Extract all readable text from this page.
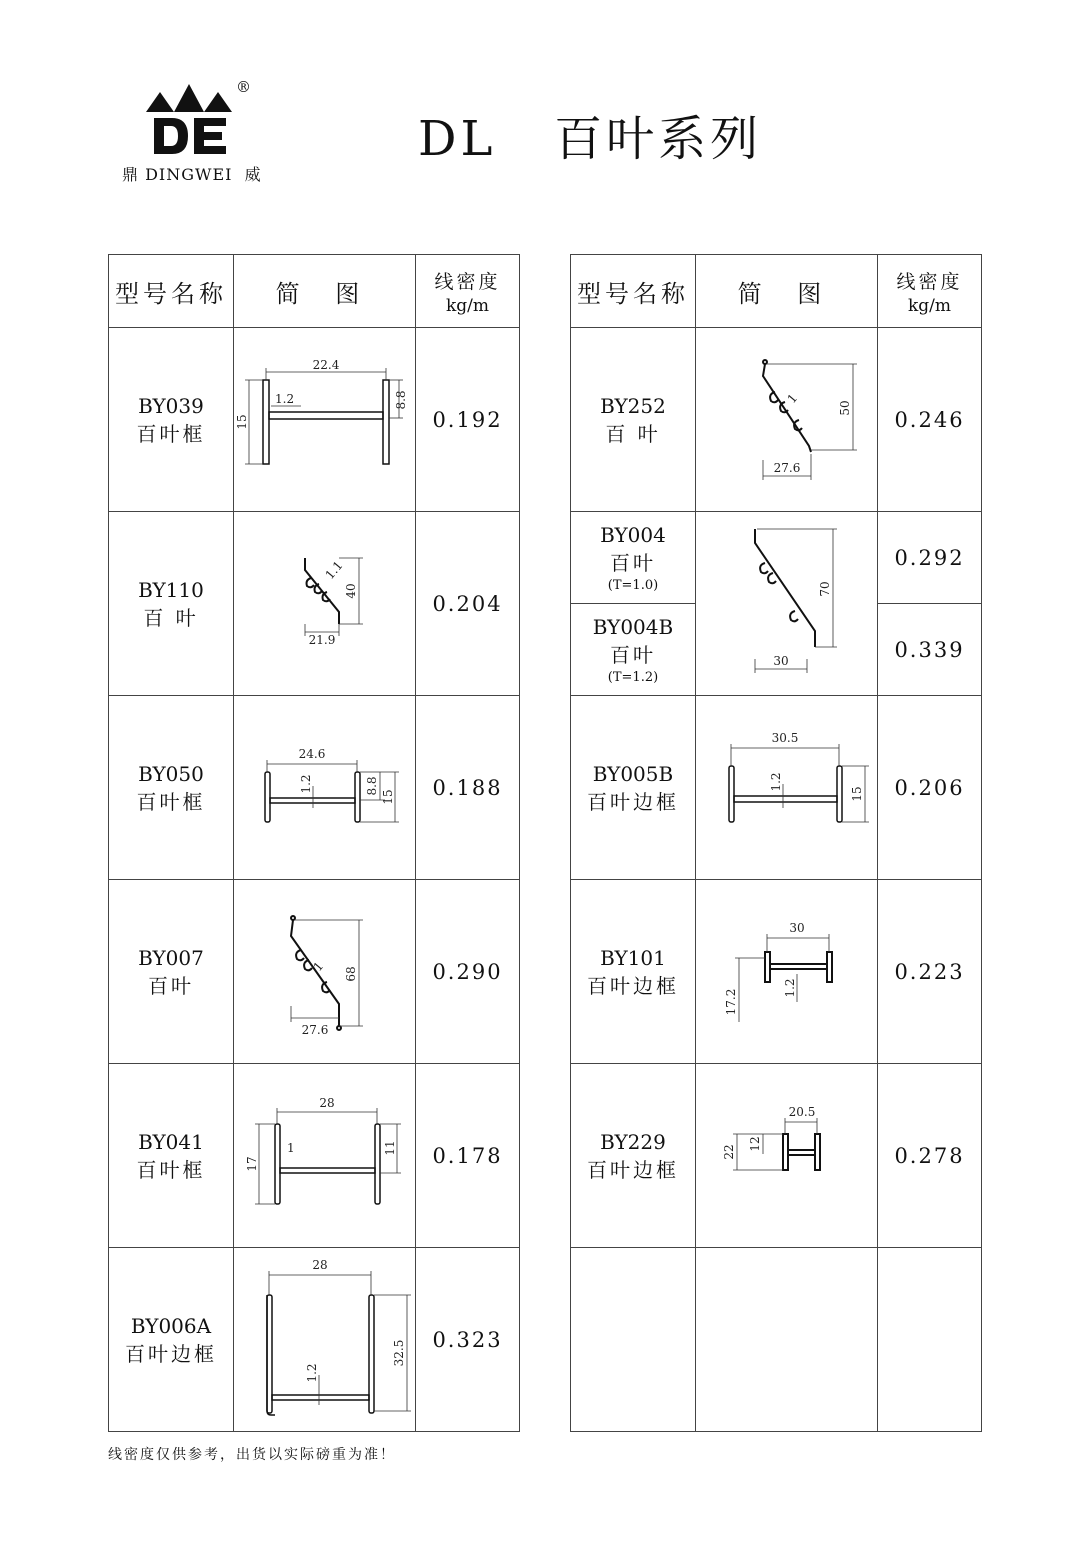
®
鼎 DINGWEI  威
DL   百叶系列
型号名称	简 图	线密度
kg/m

BY039
百叶框	22.4
1.2 8.8
15	0.192

BY110
百 叶	1.1
40
21.9	0.204

BY050
百叶框	24.6
1.2 8.8
15	0.188

BY007
百叶	1 68
27.6	0.290

BY041
百叶框	28
1
17
11	0.178

BY006A
百叶边框	28
1.2
32.5	0.323
型号名称	简 图	线密度
kg/m

BY252
百 叶	1
50
27.6	0.246

BY004
百叶
(T=1.0)	70
30	0.292

BY004B
百叶
(T=1.2)		0.339

BY005B
百叶边框	30.5
1.2
15	0.206

BY101
百叶边框	30
17.2
1.2	0.223

BY229
百叶边框	20.5
22
12	0.278

线密度仅供参考，出货以实际磅重为准！
